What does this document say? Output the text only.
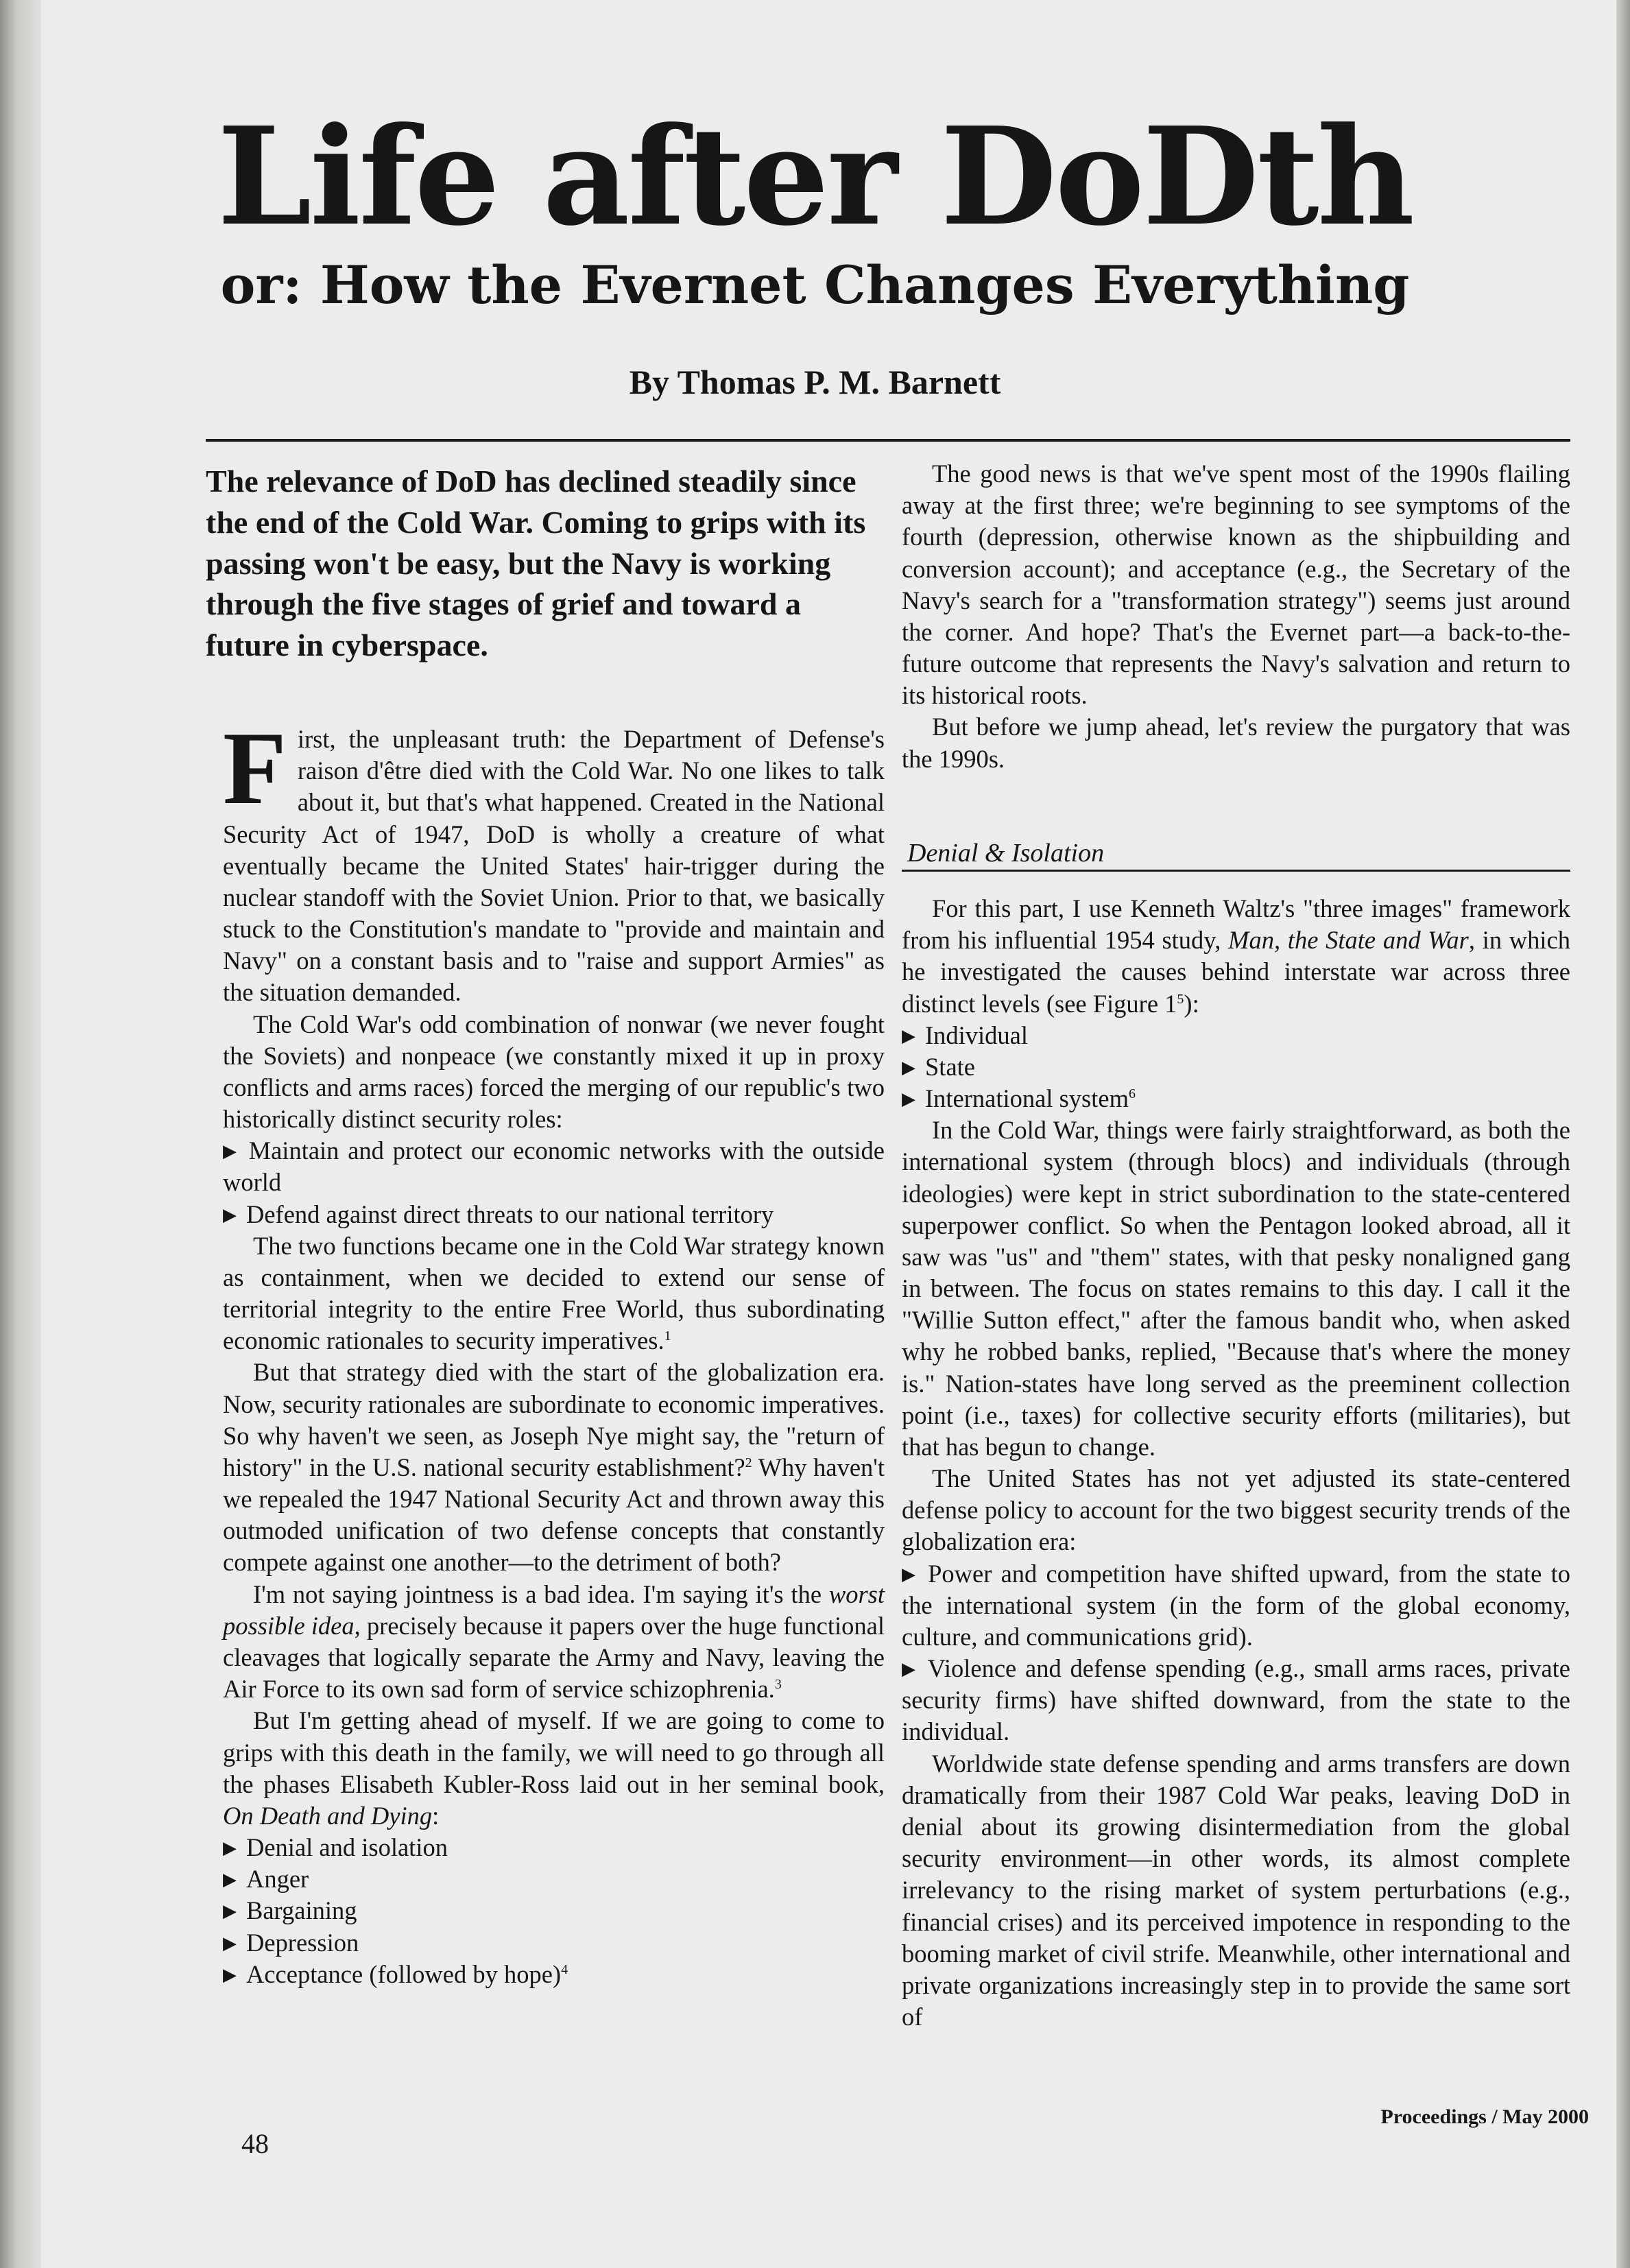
Life after DoDth
or: How the Evernet Changes Everything
By Thomas P. M. Barnett
The relevance of DoD has declined steadily since the end of the Cold War. Coming to grips with its passing won't be easy, but the Navy is working through the five stages of grief and toward a future in cyberspace.

First, the unpleasant truth: the Department of Defense's raison d'être died with the Cold War. No one likes to talk about it, but that's what happened. Created in the National Security Act of 1947, DoD is wholly a creature of what eventually became the United States' hair-trigger during the nuclear standoff with the Soviet Union. Prior to that, we basically stuck to the Constitution's mandate to "provide and maintain and Navy" on a constant basis and to "raise and support Armies" as the situation demanded.

The Cold War's odd combination of nonwar (we never fought the Soviets) and nonpeace (we constantly mixed it up in proxy conflicts and arms races) forced the merging of our republic's two historically distinct security roles:

▶ Maintain and protect our economic networks with the outside world

▶ Defend against direct threats to our national territory

The two functions became one in the Cold War strategy known as containment, when we decided to extend our sense of territorial integrity to the entire Free World, thus subordinating economic rationales to security imperatives.$^1$

But that strategy died with the start of the globalization era. Now, security rationales are subordinate to economic imperatives. So why haven't we seen, as Joseph Nye might say, the "return of history" in the U.S. national security establishment?$^2$ Why haven't we repealed the 1947 National Security Act and thrown away this outmoded unification of two defense concepts that constantly compete against one another—to the detriment of both?

I'm not saying jointness is a bad idea. I'm saying it's the worst possible idea, precisely because it papers over the huge functional cleavages that logically separate the Army and Navy, leaving the Air Force to its own sad form of service schizophrenia.$^3$

But I'm getting ahead of myself. If we are going to come to grips with this death in the family, we will need to go through all the phases Elisabeth Kubler-Ross laid out in her seminal book, On Death and Dying:

▶ Denial and isolation

▶ Anger

▶ Bargaining

▶ Depression

▶ Acceptance (followed by hope)$^4$

The good news is that we've spent most of the 1990s flailing away at the first three; we're beginning to see symptoms of the fourth (depression, otherwise known as the shipbuilding and conversion account); and acceptance (e.g., the Secretary of the Navy's search for a "transformation strategy") seems just around the corner. And hope? That's the Evernet part—a back-to-the-future outcome that represents the Navy's salvation and return to its historical roots.

But before we jump ahead, let's review the purgatory that was the 1990s.

Denial & Isolation

For this part, I use Kenneth Waltz's "three images" framework from his influential 1954 study, Man, the State and War, in which he investigated the causes behind interstate war across three distinct levels (see Figure $1^5$):

▶ Individual

▶ State

▶ International system$^6$

In the Cold War, things were fairly straightforward, as both the international system (through blocs) and individuals (through ideologies) were kept in strict subordination to the state-centered superpower conflict. So when the Pentagon looked abroad, all it saw was "us" and "them" states, with that pesky nonaligned gang in between. The focus on states remains to this day. I call it the "Willie Sutton effect," after the famous bandit who, when asked why he robbed banks, replied, "Because that's where the money is." Nation-states have long served as the preeminent collection point (i.e., taxes) for collective security efforts (militaries), but that has begun to change.

The United States has not yet adjusted its state-centered defense policy to account for the two biggest security trends of the globalization era:

▶ Power and competition have shifted upward, from the state to the international system (in the form of the global economy, culture, and communications grid).

▶ Violence and defense spending (e.g., small arms races, private security firms) have shifted downward, from the state to the individual.

Worldwide state defense spending and arms transfers are down dramatically from their 1987 Cold War peaks, leaving DoD in denial about its growing disintermediation from the global security environment—in other words, its almost complete irrelevancy to the rising market of system perturbations (e.g., financial crises) and its perceived impotence in responding to the booming market of civil strife. Meanwhile, other international and private organizations increasingly step in to provide the same sort of

48
Proceedings / May 2000
